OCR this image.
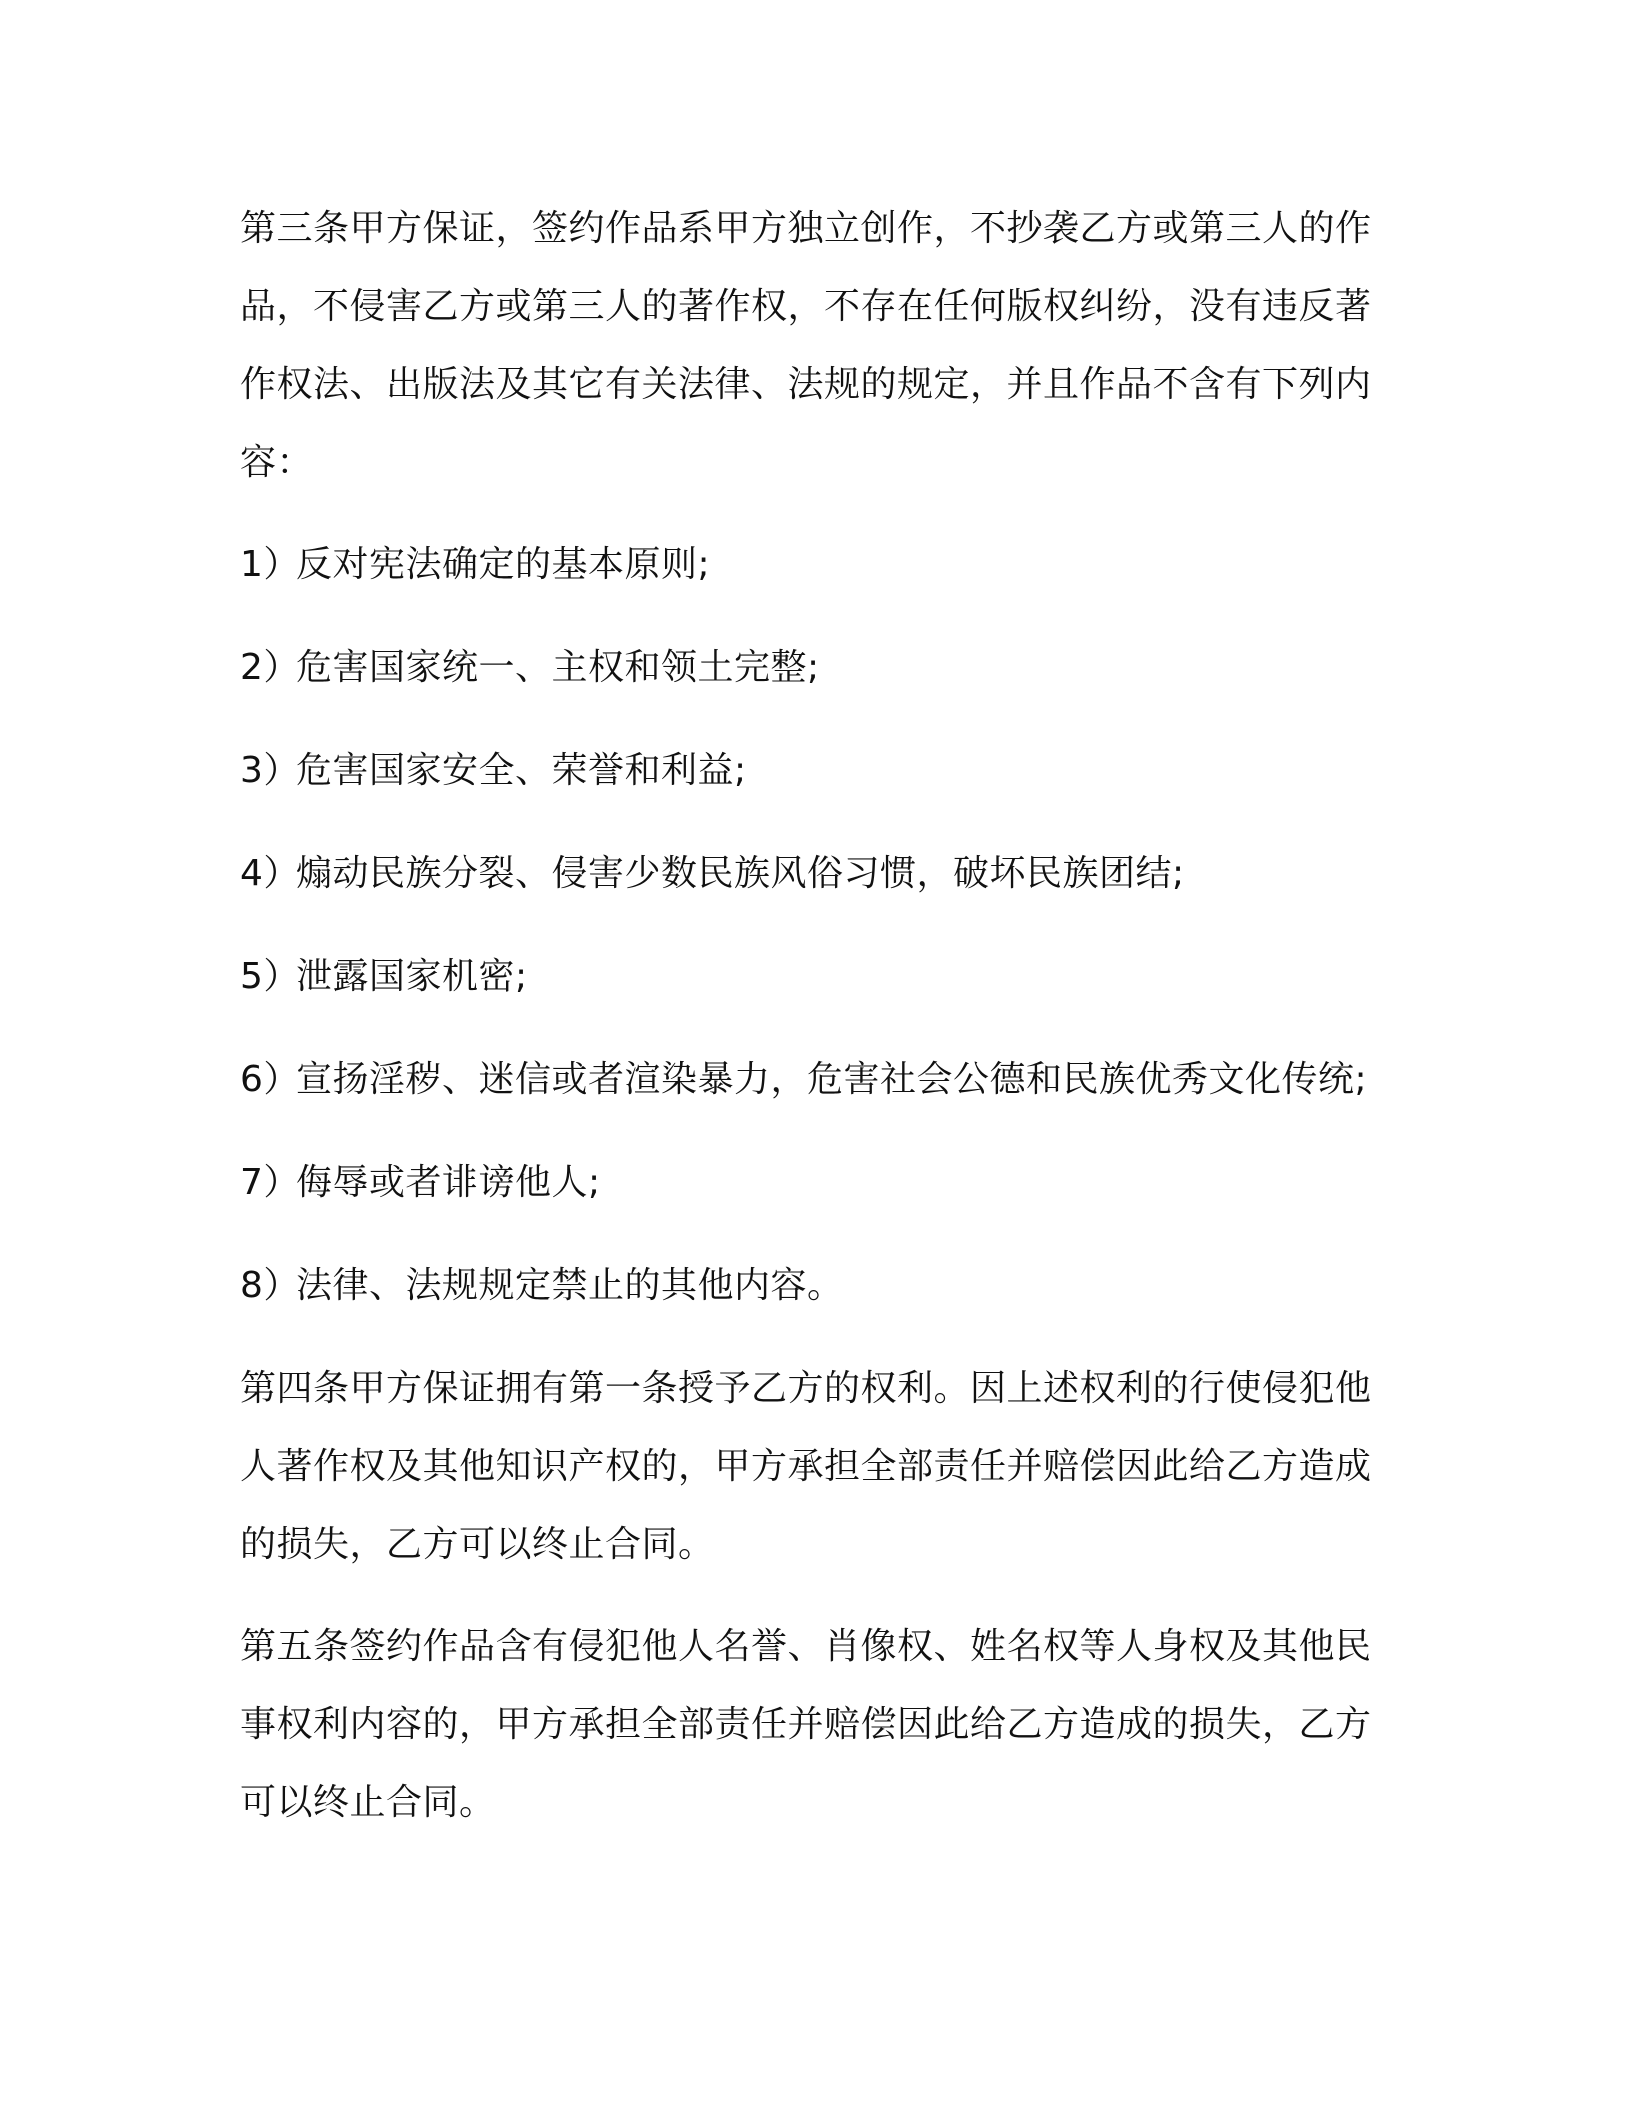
第三条甲方保证，签约作品系甲方独立创作，不抄袭乙方或第三人的作品，不侵害乙方或第三人的著作权，不存在任何版权纠纷，没有违反著作权法、出版法及其它有关法律、法规的规定，并且作品不含有下列内容：

1）反对宪法确定的基本原则;
2）危害国家统一、主权和领土完整;
3）危害国家安全、荣誉和利益;
4）煽动民族分裂、侵害少数民族风俗习惯，破坏民族团结;
5）泄露国家机密;
6）宣扬淫秽、迷信或者渲染暴力，危害社会公德和民族优秀文化传统;
7）侮辱或者诽谤他人;
8）法律、法规规定禁止的其他内容。

第四条甲方保证拥有第一条授予乙方的权利。因上述权利的行使侵犯他人著作权及其他知识产权的，甲方承担全部责任并赔偿因此给乙方造成的损失，乙方可以终止合同。

第五条签约作品含有侵犯他人名誉、肖像权、姓名权等人身权及其他民事权利内容的，甲方承担全部责任并赔偿因此给乙方造成的损失，乙方可以终止合同。
